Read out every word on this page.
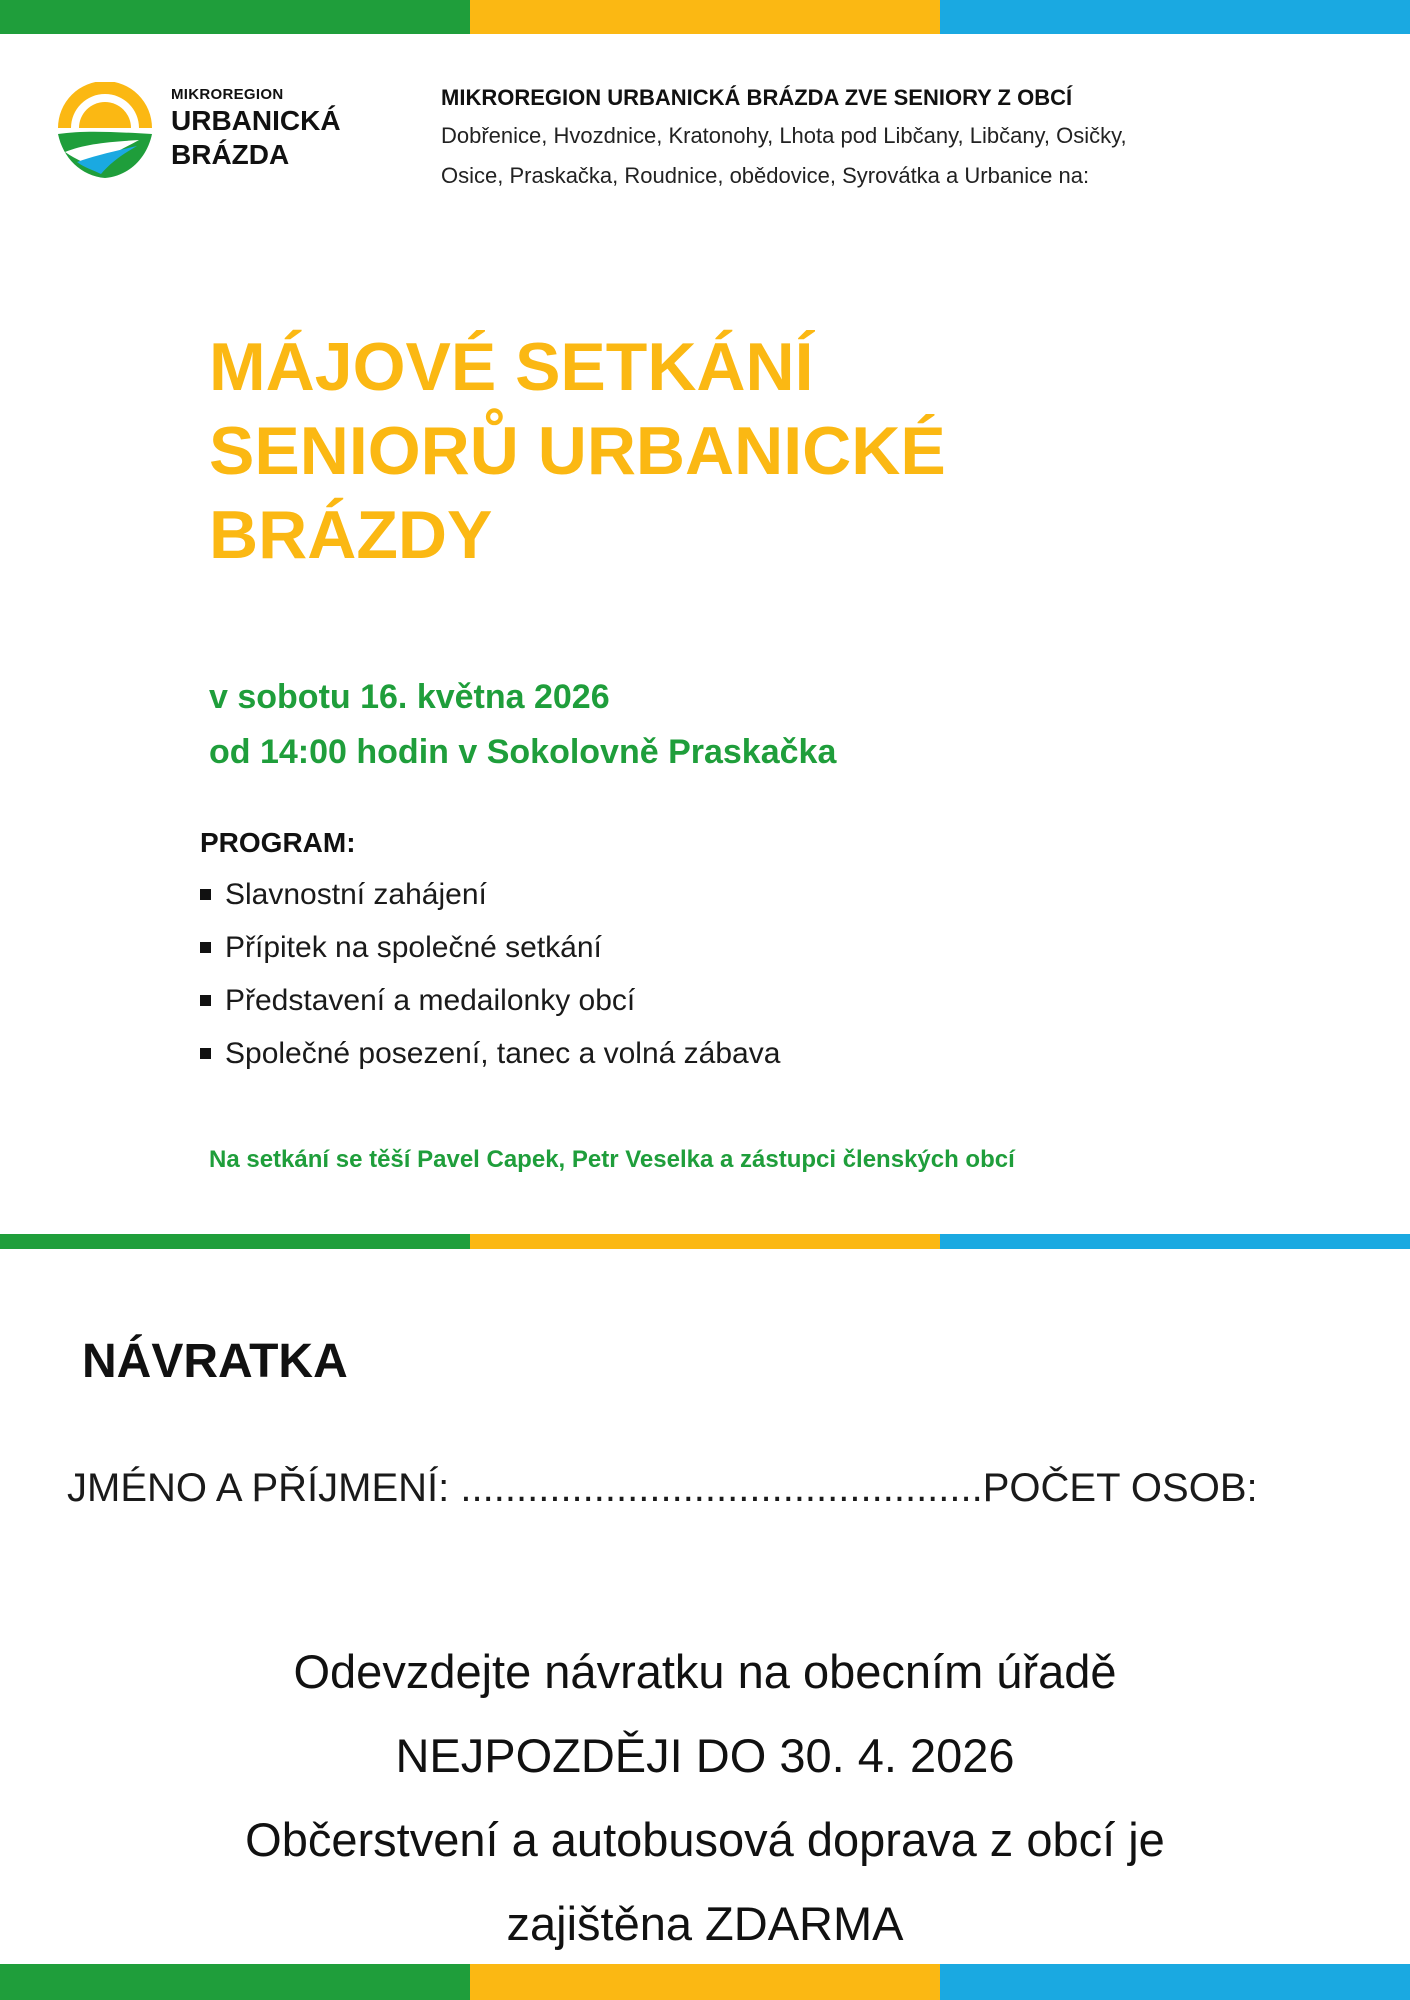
MIKROREGION
URBANICKÁ
BRÁZDA
MIKROREGION URBANICKÁ BRÁZDA ZVE SENIORY Z OBCÍ
Dobřenice, Hvozdnice, Kratonohy, Lhota pod Libčany, Libčany, Osičky,
Osice, Praskačka, Roudnice, obědovice, Syrovátka a Urbanice na:
MÁJOVÉ SETKÁNÍ
SENIORŮ URBANICKÉ
BRÁZDY
v sobotu 16. května 2026
od 14:00 hodin v Sokolovně Praskačka
PROGRAM:
Slavnostní zahájení
Přípitek na společné setkání
Představení a medailonky obcí
Společné posezení, tanec a volná zábava
Na setkání se těší Pavel Capek, Petr Veselka a zástupci členských obcí
NÁVRATKA
JMÉNO A PŘÍJMENÍ: ...............................................POČET OSOB:
Odevzdejte návratku na obecním úřadě
NEJPOZDĚJI DO 30. 4. 2026
Občerstvení a autobusová doprava z obcí je
zajištěna ZDARMA
